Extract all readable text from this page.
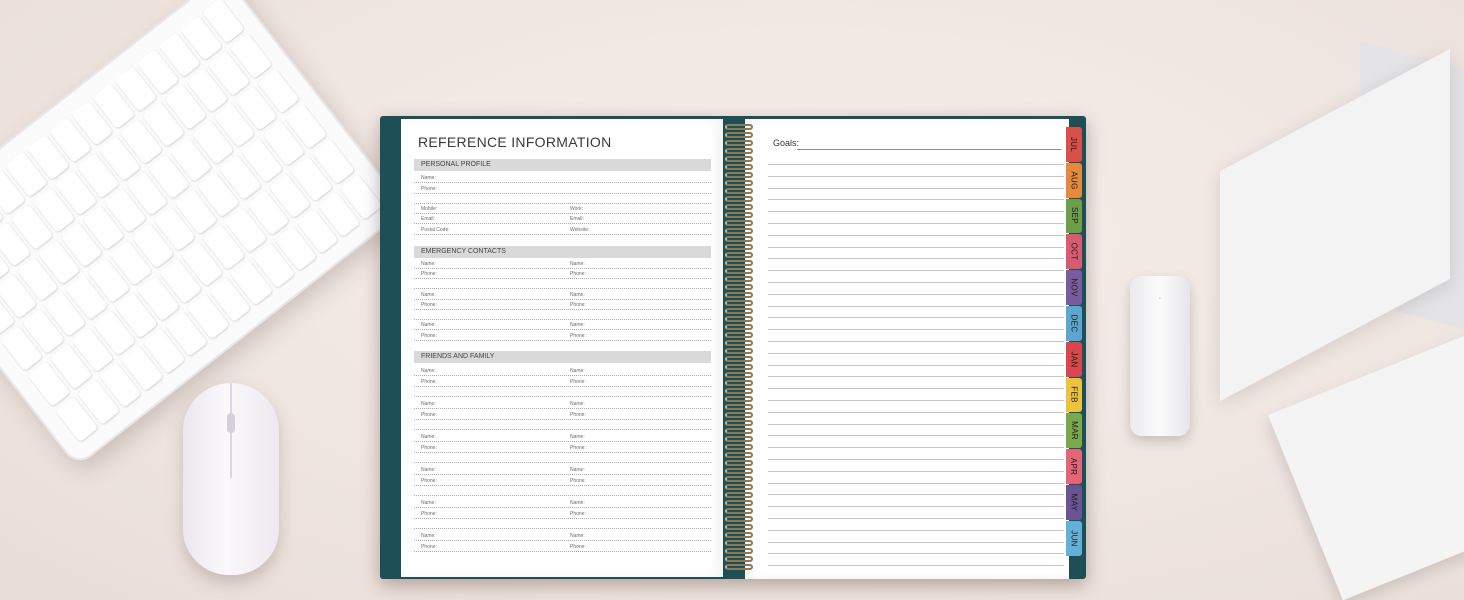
◦
REFERENCE INFORMATION
PERSONAL PROFILE
Name:
Phone:
Mobile:	Work:
Email:	Email:
Postal Code:	Website:
EMERGENCY CONTACTS
Name:	Name:
Phone:	Phone:
Name:	Name:
Phone:	Phone:
Name:	Name:
Phone:	Phone:
FRIENDS AND FAMILY
Name:	Name:
Phone:	Phone:
Name:	Name:
Phone:	Phone:
Name:	Name:
Phone:	Phone:
Name:	Name:
Phone:	Phone:
Name:	Name:
Phone:	Phone:
Name:	Name:
Phone:	Phone:
Goals:	JUL
AUG
SEP
OCT
NOV
DEC
JAN
FEB
MAR
APR
MAY
JUN
